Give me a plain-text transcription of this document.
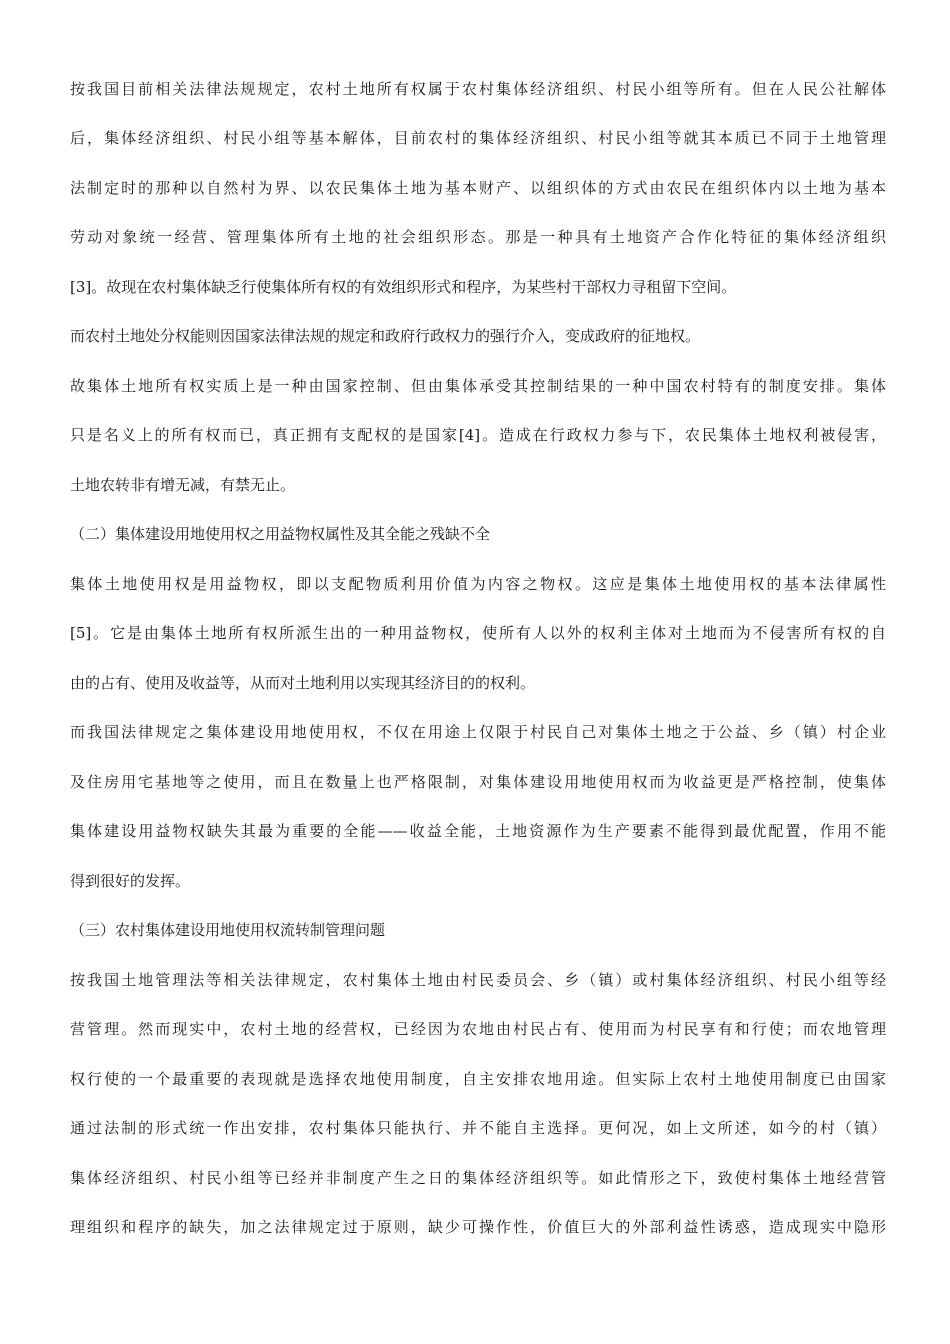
按我国目前相关法律法规规定，农村土地所有权属于农村集体经济组织、村民小组等所有。但在人民公社解体
后，集体经济组织、村民小组等基本解体，目前农村的集体经济组织、村民小组等就其本质已不同于土地管理
法制定时的那种以自然村为界、以农民集体土地为基本财产、以组织体的方式由农民在组织体内以土地为基本
劳动对象统一经营、管理集体所有土地的社会组织形态。那是一种具有土地资产合作化特征的集体经济组织
[3]。故现在农村集体缺乏行使集体所有权的有效组织形式和程序，为某些村干部权力寻租留下空间。
而农村土地处分权能则因国家法律法规的规定和政府行政权力的强行介入，变成政府的征地权。
故集体土地所有权实质上是一种由国家控制、但由集体承受其控制结果的一种中国农村特有的制度安排。集体
只是名义上的所有权而已，真正拥有支配权的是国家[4]。造成在行政权力参与下，农民集体土地权利被侵害，
土地农转非有增无减，有禁无止。
（二）集体建设用地使用权之用益物权属性及其全能之残缺不全
集体土地使用权是用益物权，即以支配物质利用价值为内容之物权。这应是集体土地使用权的基本法律属性
[5]。它是由集体土地所有权所派生出的一种用益物权，使所有人以外的权利主体对土地而为不侵害所有权的自
由的占有、使用及收益等，从而对土地利用以实现其经济目的的权利。
而我国法律规定之集体建设用地使用权，不仅在用途上仅限于村民自己对集体土地之于公益、乡（镇）村企业
及住房用宅基地等之使用，而且在数量上也严格限制，对集体建设用地使用权而为收益更是严格控制，使集体
集体建设用益物权缺失其最为重要的全能——收益全能，土地资源作为生产要素不能得到最优配置，作用不能
得到很好的发挥。
（三）农村集体建设用地使用权流转制管理问题
按我国土地管理法等相关法律规定，农村集体土地由村民委员会、乡（镇）或村集体经济组织、村民小组等经
营管理。然而现实中，农村土地的经营权，已经因为农地由村民占有、使用而为村民享有和行使；而农地管理
权行使的一个最重要的表现就是选择农地使用制度，自主安排农地用途。但实际上农村土地使用制度已由国家
通过法制的形式统一作出安排，农村集体只能执行、并不能自主选择。更何况，如上文所述，如今的村（镇）
集体经济组织、村民小组等已经并非制度产生之日的集体经济组织等。如此情形之下，致使村集体土地经营管
理组织和程序的缺失，加之法律规定过于原则，缺少可操作性，价值巨大的外部利益性诱惑，造成现实中隐形
